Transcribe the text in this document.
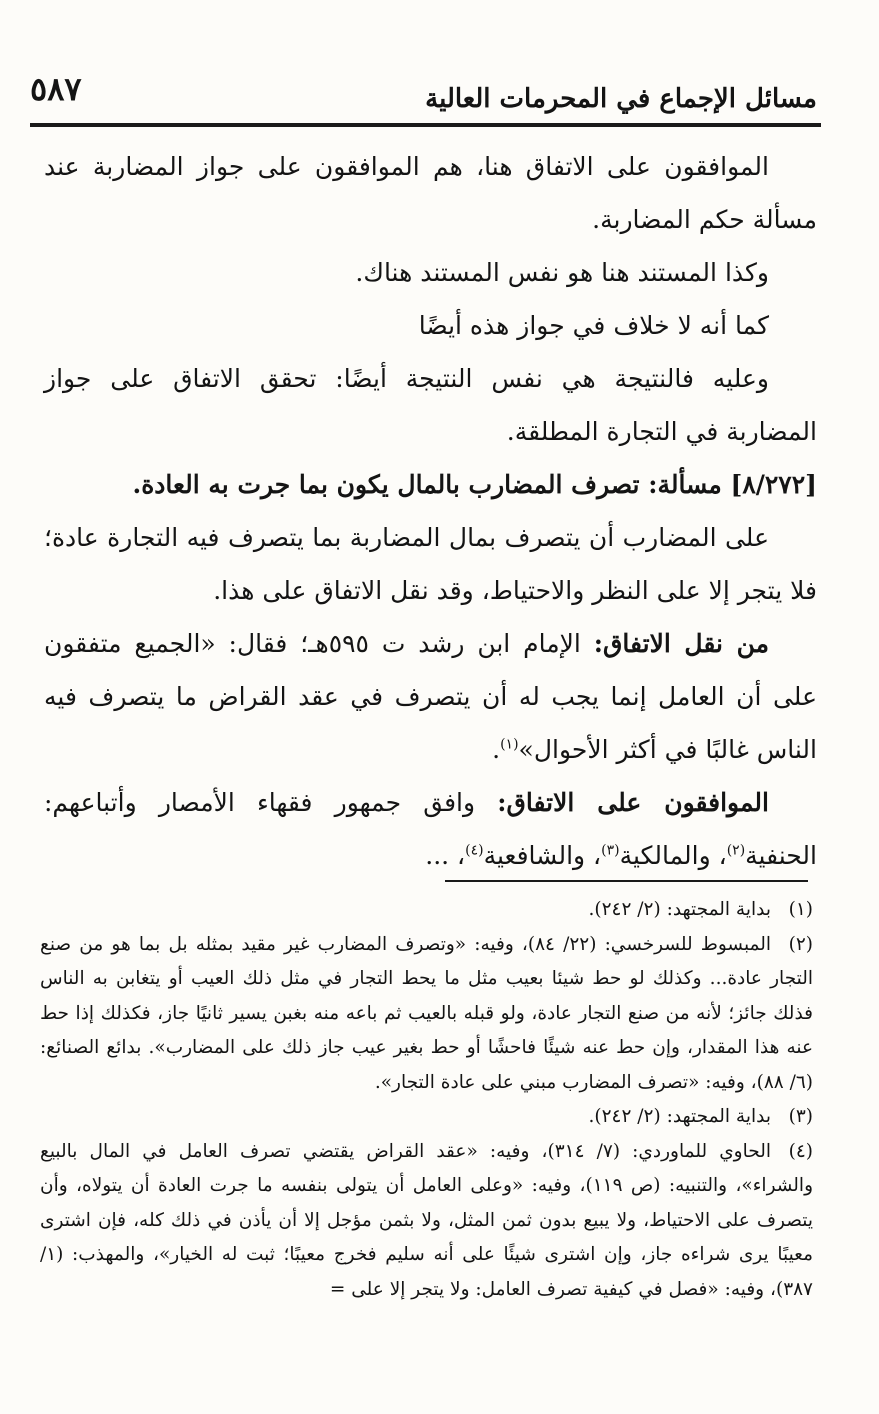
٥٨٧	مسائل الإجماع في المحرمات العالية

الموافقون على الاتفاق هنا، هم الموافقون على جواز المضاربة عند مسألة حكم المضاربة.

وكذا المستند هنا هو نفس المستند هناك.

كما أنه لا خلاف في جواز هذه أيضًا

وعليه فالنتيجة هي نفس النتيجة أيضًا: تحقق الاتفاق على جواز المضاربة في التجارة المطلقة.

[٨/٢٧٢] مسألة: تصرف المضارب بالمال يكون بما جرت به العادة.

على المضارب أن يتصرف بمال المضاربة بما يتصرف فيه التجارة عادة؛ فلا يتجر إلا على النظر والاحتياط، وقد نقل الاتفاق على هذا.

من نقل الاتفاق: الإمام ابن رشد ت ٥٩٥هـ؛ فقال: «الجميع متفقون على أن العامل إنما يجب له أن يتصرف في عقد القراض ما يتصرف فيه الناس غالبًا في أكثر الأحوال»$^{(١)}$.

الموافقون على الاتفاق: وافق جمهور فقهاء الأمصار وأتباعهم: الحنفية$^{(٢)}$، والمالكية$^{(٣)}$، والشافعية$^{(٤)}$، ...

(١)بداية المجتهد: (٢/ ٢٤٢).

(٢)المبسوط للسرخسي: (٢٢/ ٨٤)، وفيه: «وتصرف المضارب غير مقيد بمثله بل بما هو من صنع التجار عادة... وكذلك لو حط شيئا بعيب مثل ما يحط التجار في مثل ذلك العيب أو يتغابن به الناس فذلك جائز؛ لأنه من صنع التجار عادة، ولو قبله بالعيب ثم باعه منه بغبن يسير ثانيًا جاز، فكذلك إذا حط عنه هذا المقدار، وإن حط عنه شيئًا فاحشًا أو حط بغير عيب جاز ذلك على المضارب». بدائع الصنائع: (٦/ ٨٨)، وفيه: «تصرف المضارب مبني على عادة التجار».

(٣)بداية المجتهد: (٢/ ٢٤٢).

(٤)الحاوي للماوردي: (٧/ ٣١٤)، وفيه: «عقد القراض يقتضي تصرف العامل في المال بالبيع والشراء»، والتنبيه: (ص ١١٩)، وفيه: «وعلى العامل أن يتولى بنفسه ما جرت العادة أن يتولاه، وأن يتصرف على الاحتياط، ولا يبيع بدون ثمن المثل، ولا بثمن مؤجل إلا أن يأذن في ذلك كله، فإن اشترى معيبًا يرى شراءه جاز، وإن اشترى شيئًا على أنه سليم فخرج معيبًا؛ ثبت له الخيار»، والمهذب: (١/ ٣٨٧)، وفيه: «فصل في كيفية تصرف العامل: ولا يتجر إلا على =
